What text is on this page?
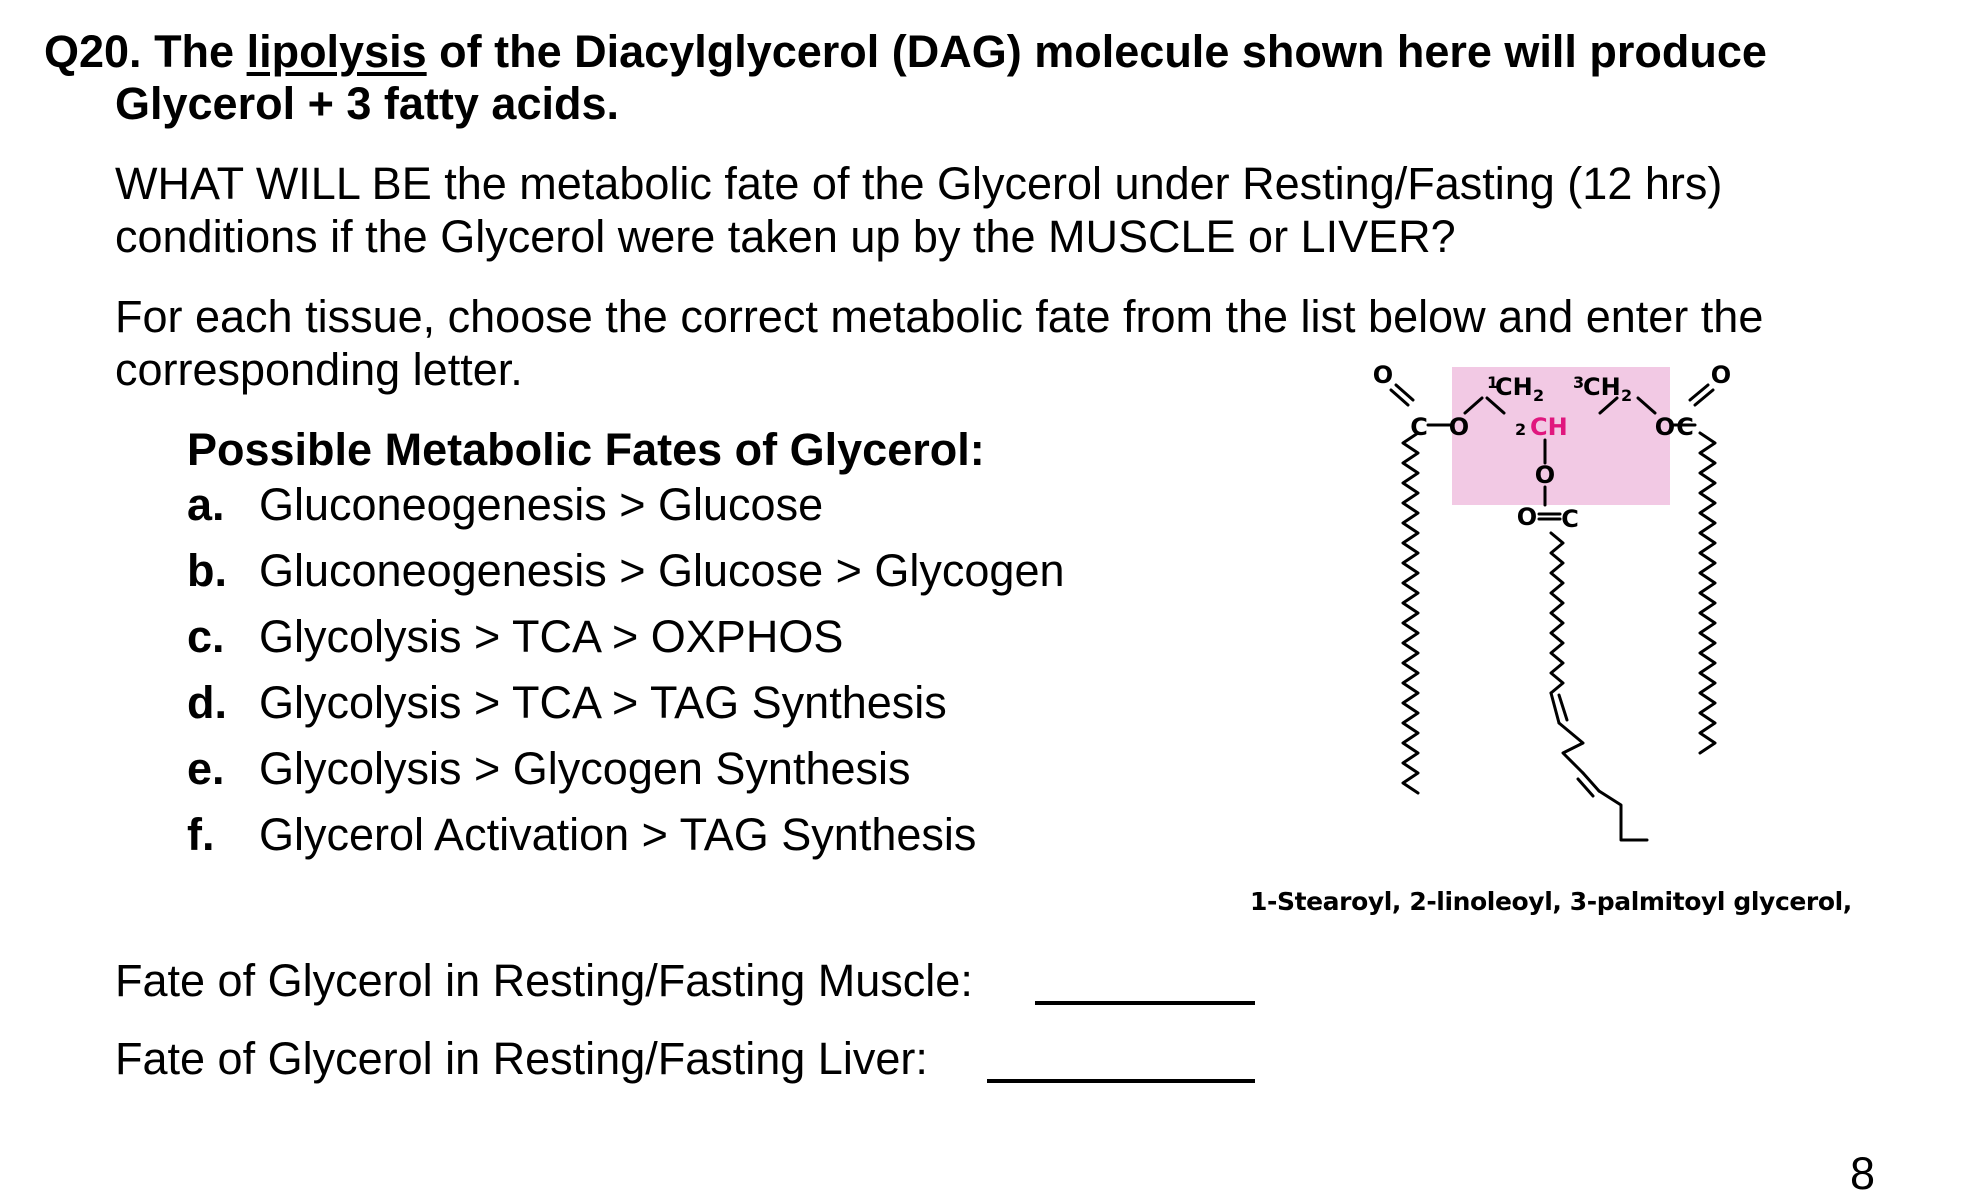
Q20. The lipolysis of the Diacylglycerol (DAG) molecule shown here will produce
Glycerol + 3 fatty acids.
WHAT WILL BE the metabolic fate of the Glycerol under Resting/Fasting (12 hrs)
conditions if the Glycerol were taken up by the MUSCLE or LIVER?
For each tissue, choose the correct metabolic fate from the list below and enter the
corresponding letter.
Possible Metabolic Fates of Glycerol:
a. Gluconeogenesis > Glucose
b. Gluconeogenesis > Glucose > Glycogen
c. Glycolysis > TCA > OXPHOS
d. Glycolysis > TCA > TAG Synthesis
e. Glycolysis > Glycogen Synthesis
f. Glycerol Activation > TAG Synthesis
O
C O
O
C
O
O
O C
1
CH 2
3
CH 2
2 CH
1-Stearoyl, 2-linoleoyl, 3-palmitoyl glycerol,
Fate of Glycerol in Resting/Fasting Muscle:
Fate of Glycerol in Resting/Fasting Liver:
8
